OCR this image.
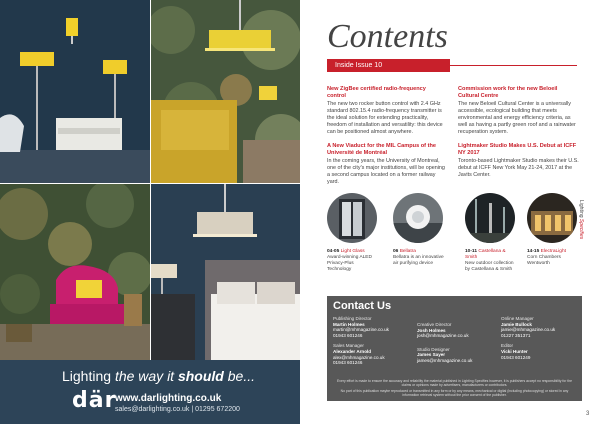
Lighting the way it should be...
där
www.darlighting.co.uk
sales@darlighting.co.uk | 01295 672200
Contents
Inside Issue 10
New ZigBee certified radio-frequency control

The new two rocker button control with 2.4 GHz standard 802.15.4 radio-frequency transmitter is the ideal solution for extending practicality, freedom of installation and versatility: this device can be positioned almost anywhere.

A New Viaduct for the MIL Campus of the Université de Montréal

In the coming years, the University of Montreal, one of the city's major institutions, will be opening a second campus located on a former railway yard.

Commission work for the new Beloeil Cultural Centre

The new Beloeil Cultural Center is a universally accessible, ecological building that meets environmental and energy efficiency criteria, as well as having a partly green roof and a rainwater recuperation system.

Lightmaker Studio Makes U.S. Debut at ICFF NY 2017

Toronto-based Lightmaker Studio makes their U.S. debut at ICFF New York May 21-24, 2017 at the Javits Center.

04-05 Light Glass
Award-winning ALED Privacy-Plus Technology
06 Bellatra
Bellatra is an innovative air purifying device
10-11 Castellana & Smith
New outdoor collection by Castellana & Smith
14-15 ElectraLight
Corn Chambers Wentworth
Lighting Specifies
Contact Us
Publishing Director
Martin Holmes
martin@mhmagazine.co.uk
01943 601246
Sales Manager
Alexander Arnold
alex@mhmagazine.co.uk
01943 601246
Creative Director
Josh Holmes
josh@mhmagazine.co.uk
Studio Designer
James Sayer
james@mhmagazine.co.uk
Online Manager
Jamie Bullock
jamie@mhmagazine.co.uk
01227 351371
Editor
Vicki Hunter
01943 601249
Every effort is made to ensure the accuracy and reliability the material published in Lighting Specifies however, it is publishers accept no responsibility for the claims or opinions made by advertisers, manufacturers or contributors.
No part of this publication maybe reproduced or transmitted in any form or by any means, mechanical or digital (including photocopying) or stored in any information retrieval system without the prior consent of the publisher.
3
